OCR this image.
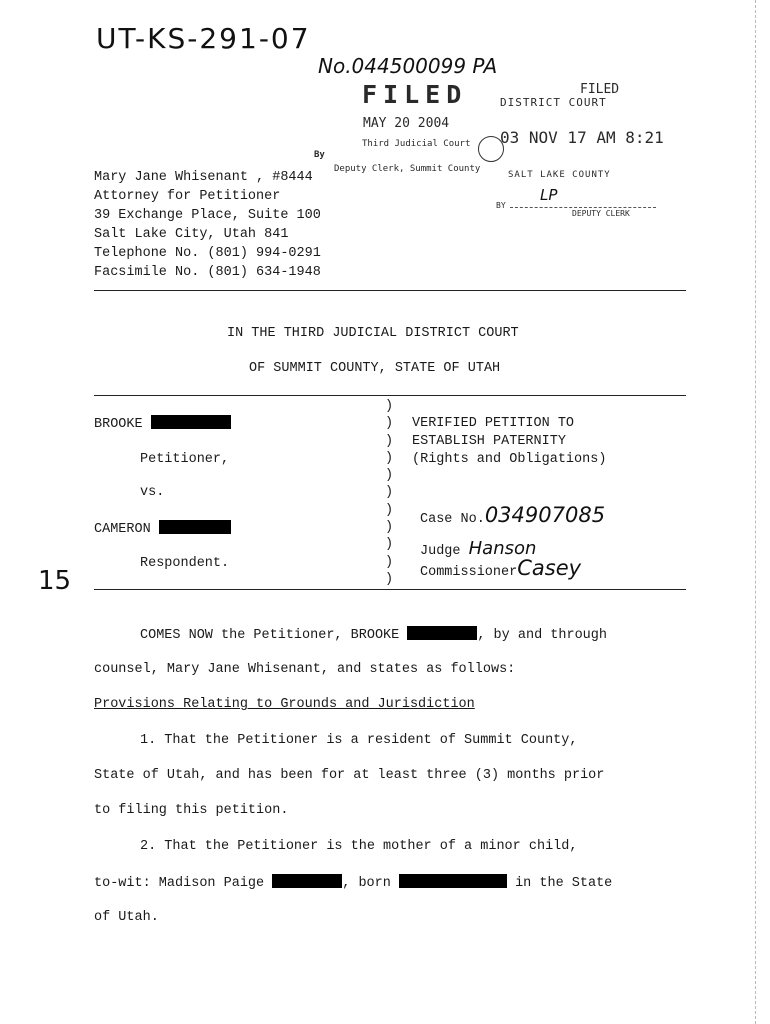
UT-KS-291-07
No.044500099 PA
FILED
MAY 20 2004
Third Judicial Court
By
Deputy Clerk, Summit County
FILED
DISTRICT COURT
03 NOV 17 AM 8:21
SALT LAKE COUNTY
BY
DEPUTY CLERK
LP
Mary Jane Whisenant , #8444
Attorney for Petitioner
39 Exchange Place, Suite 100
Salt Lake City, Utah 841
Telephone No. (801) 994-0291
Facsimile No. (801) 634-1948
IN THE THIRD JUDICIAL DISTRICT COURT
OF SUMMIT COUNTY, STATE OF UTAH
BROOKE
Petitioner,
vs.
CAMERON
Respondent.
)
)
)
)
)
)
)
)
)
)
)
VERIFIED PETITION TO
ESTABLISH PATERNITY
(Rights and Obligations)
Case No.034907085
Judge Hanson
CommissionerCasey
15
COMES NOW the Petitioner, BROOKE	, by and through
counsel, Mary Jane Whisenant, and states as follows:
Provisions Relating to Grounds and Jurisdiction
1. That the Petitioner is a resident of Summit County,
State of Utah, and has been for at least three (3) months prior
to filing this petition.
2. That the Petitioner is the mother of a minor child,
to-wit: Madison Paige	, born	in the State
of Utah.
